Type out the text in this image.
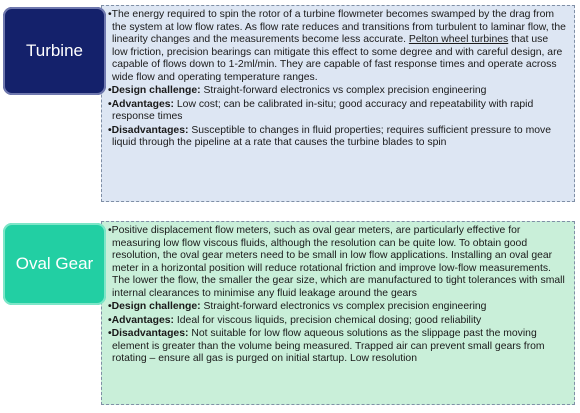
•The energy required to spin the rotor of a turbine flowmeter becomes swamped by the drag from the system at low flow rates. As flow rate reduces and transitions from turbulent to laminar flow, the linearity changes and the measurements become less accurate. Pelton wheel turbines that use low friction, precision bearings can mitigate this effect to some degree and with careful design, are capable of flows down to 1-2ml/min. They are capable of fast response times and operate across wide flow and operating temperature ranges.

•Design challenge: Straight-forward electronics vs complex precision engineering

•Advantages: Low cost; can be calibrated in-situ; good accuracy and repeatability with rapid response times

•Disadvantages: Susceptible to changes in fluid properties; requires sufficient pressure to move liquid through the pipeline at a rate that causes the turbine blades to spin

Turbine

•Positive displacement flow meters, such as oval gear meters, are particularly effective for measuring low flow viscous fluids, although the resolution can be quite low. To obtain good resolution, the oval gear meters need to be small in low flow applications. Installing an oval gear meter in a horizontal position will reduce rotational friction and improve low-flow measurements. The lower the flow, the smaller the gear size, which are manufactured to tight tolerances with small internal clearances to minimise any fluid leakage around the gears

•Design challenge: Straight-forward electronics vs complex precision engineering

•Advantages: Ideal for viscous liquids, precision chemical dosing; good reliability

•Disadvantages: Not suitable for low flow aqueous solutions as the slippage past the moving element is greater than the volume being measured. Trapped air can prevent small gears from rotating – ensure all gas is purged on initial startup. Low resolution

Oval Gear
